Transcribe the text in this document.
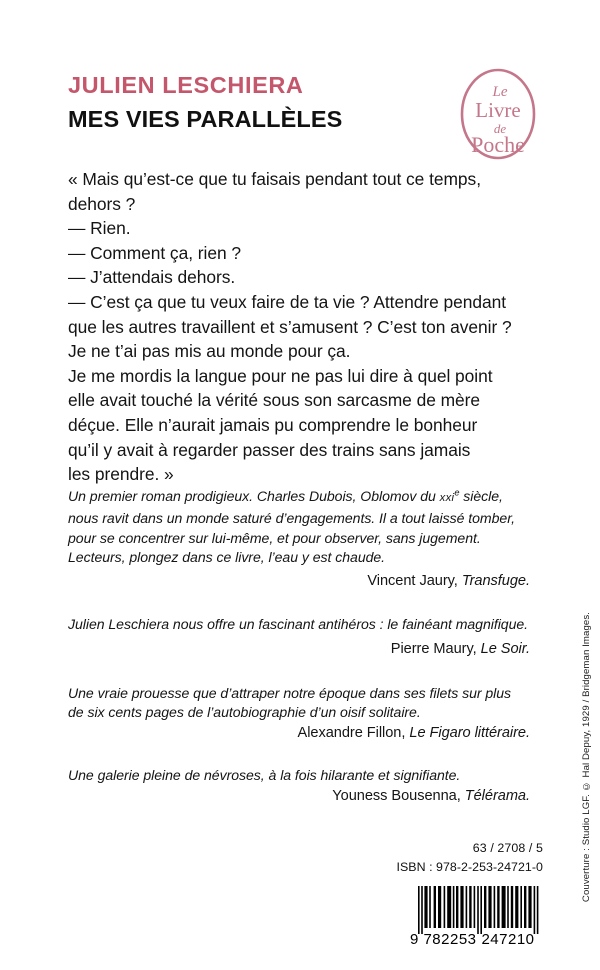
JULIEN LESCHIERA
MES VIES PARALLÈLES
Le
Livre
de
Poche

« Mais qu’est-ce que tu faisais pendant tout ce temps,

dehors ?

— Rien.

— Comment ça, rien ?

— J’attendais dehors.

— C’est ça que tu veux faire de ta vie ? Attendre pendant

que les autres travaillent et s’amusent ? C’est ton avenir ?

Je ne t’ai pas mis au monde pour ça.

Je me mordis la langue pour ne pas lui dire à quel point

elle avait touché la vérité sous son sarcasme de mère

déçue. Elle n’aurait jamais pu comprendre le bonheur

qu’il y avait à regarder passer des trains sans jamais

les prendre. »

Un premier roman prodigieux. Charles Dubois, Oblomov du xxi$^e$ siècle, nous ravit dans un monde saturé d’engagements. Il a tout laissé tomber, pour se concentrer sur lui-même, et pour observer, sans jugement. Lecteurs, plongez dans ce livre, l’eau y est chaude.

Vincent Jaury, Transfuge.

Julien Leschiera nous offre un fascinant antihéros : le fainéant magnifique.

Pierre Maury, Le Soir.

Une vraie prouesse que d’attraper notre époque dans ses filets sur plus de six cents pages de l’autobiographie d’un oisif solitaire.

Alexandre Fillon, Le Figaro littéraire.

Une galerie pleine de névroses, à la fois hilarante et signifiante.

Youness Bousenna, Télérama.	Couverture : Studio LGF. © Hal Depuy, 1929 / Bridgeman Images.

63 / 2708 / 5

ISBN : 978-2-253-24721-0

9 782253 247210
